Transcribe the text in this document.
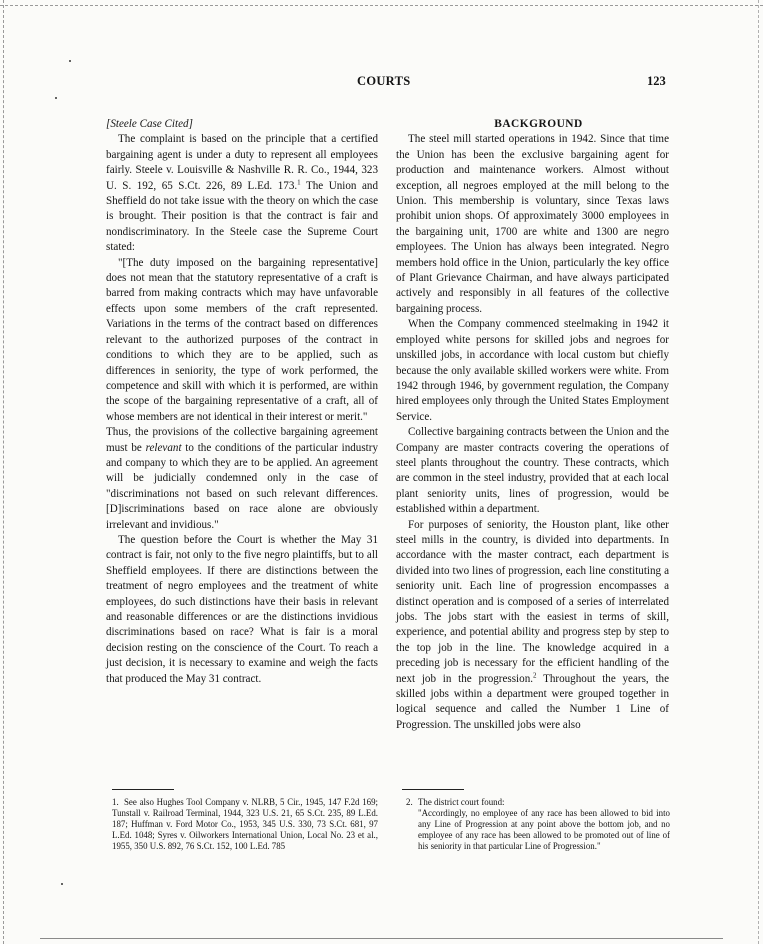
COURTS	123

[Steele Case Cited]

The complaint is based on the principle that a certified bargaining agent is under a duty to represent all employees fairly. Steele v. Louisville & Nashville R. R. Co., 1944, 323 U. S. 192, 65 S.Ct. 226, 89 L.Ed. 173.$^1$ The Union and Sheffield do not take issue with the theory on which the case is brought. Their position is that the contract is fair and nondiscriminatory. In the Steele case the Supreme Court stated:

"[The duty imposed on the bargaining representative] does not mean that the statutory representative of a craft is barred from making contracts which may have unfavorable effects upon some members of the craft represented. Variations in the terms of the contract based on differences relevant to the authorized purposes of the contract in conditions to which they are to be applied, such as differences in seniority, the type of work performed, the competence and skill with which it is performed, are within the scope of the bargaining representative of a craft, all of whose members are not identical in their interest or merit."

Thus, the provisions of the collective bargaining agreement must be relevant to the conditions of the particular industry and company to which they are to be applied. An agreement will be judicially condemned only in the case of "discriminations not based on such relevant differences. [D]iscriminations based on race alone are obviously irrelevant and invidious."

The question before the Court is whether the May 31 contract is fair, not only to the five negro plaintiffs, but to all Sheffield employees. If there are distinctions between the treatment of negro employees and the treatment of white employees, do such distinctions have their basis in relevant and reasonable differences or are the distinctions invidious discriminations based on race? What is fair is a moral decision resting on the conscience of the Court. To reach a just decision, it is necessary to examine and weigh the facts that produced the May 31 contract.

BACKGROUND

The steel mill started operations in 1942. Since that time the Union has been the exclusive bargaining agent for production and maintenance workers. Almost without exception, all negroes employed at the mill belong to the Union. This membership is voluntary, since Texas laws prohibit union shops. Of approximately 3000 employees in the bargaining unit, 1700 are white and 1300 are negro employees. The Union has always been integrated. Negro members hold office in the Union, particularly the key office of Plant Grievance Chairman, and have always participated actively and responsibly in all features of the collective bargaining process.

When the Company commenced steelmaking in 1942 it employed white persons for skilled jobs and negroes for unskilled jobs, in accordance with local custom but chiefly because the only available skilled workers were white. From 1942 through 1946, by government regulation, the Company hired employees only through the United States Employment Service.

Collective bargaining contracts between the Union and the Company are master contracts covering the operations of steel plants throughout the country. These contracts, which are common in the steel industry, provided that at each local plant seniority units, lines of progression, would be established within a department.

For purposes of seniority, the Houston plant, like other steel mills in the country, is divided into departments. In accordance with the master contract, each department is divided into two lines of progression, each line constituting a seniority unit. Each line of progression encompasses a distinct operation and is composed of a series of interrelated jobs. The jobs start with the easiest in terms of skill, experience, and potential ability and progress step by step to the top job in the line. The knowledge acquired in a preceding job is necessary for the efficient handling of the next job in the progression.$^2$ Throughout the years, the skilled jobs within a department were grouped together in logical sequence and called the Number 1 Line of Progression. The unskilled jobs were also

1. See also Hughes Tool Company v. NLRB, 5 Cir., 1945, 147 F.2d 169; Tunstall v. Railroad Terminal, 1944, 323 U.S. 21, 65 S.Ct. 235, 89 L.Ed. 187; Huffman v. Ford Motor Co., 1953, 345 U.S. 330, 73 S.Ct. 681, 97 L.Ed. 1048; Syres v. Oilworkers International Union, Local No. 23 et al., 1955, 350 U.S. 892, 76 S.Ct. 152, 100 L.Ed. 785
2. The district court found:
"Accordingly, no employee of any race has been allowed to bid into any Line of Progression at any point above the bottom job, and no employee of any race has been allowed to be promoted out of line of his seniority in that particular Line of Progression."
